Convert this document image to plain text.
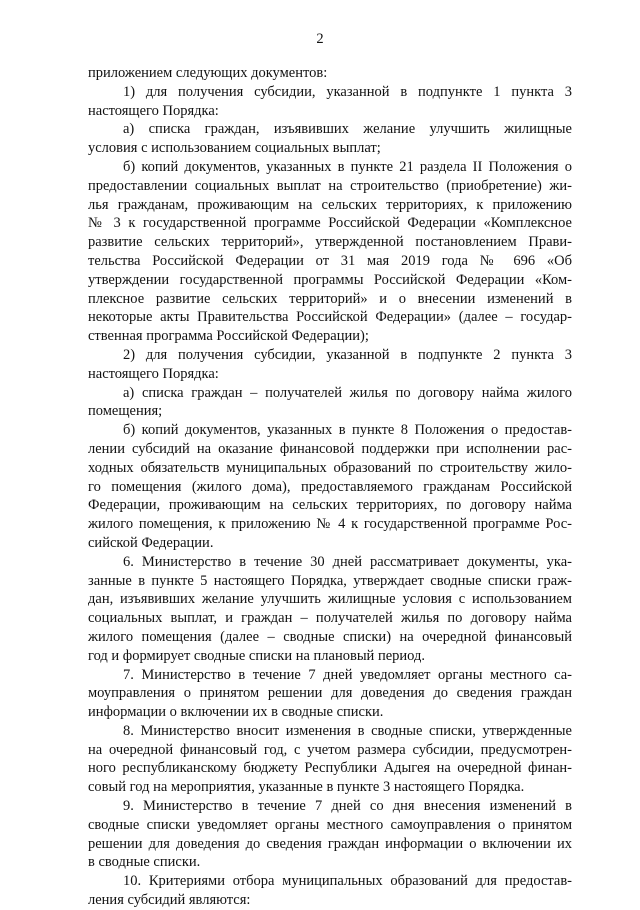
2
приложением следующих документов:
1) для получения субсидии, указанной в подпункте 1 пункта 3
настоящего Порядка:
а) списка граждан, изъявивших желание улучшить жилищные
условия с использованием социальных выплат;
б) копий документов, указанных в пункте 21 раздела II Положения о
предоставлении социальных выплат на строительство (приобретение) жи-
лья гражданам, проживающим на сельских территориях, к приложению
№ 3 к государственной программе Российской Федерации «Комплексное
развитие сельских территорий», утвержденной постановлением Прави-
тельства Российской Федерации от 31 мая 2019 года № 696 «Об
утверждении государственной программы Российской Федерации «Ком-
плексное развитие сельских территорий» и о внесении изменений в
некоторые акты Правительства Российской Федерации» (далее – государ-
ственная программа Российской Федерации);
2) для получения субсидии, указанной в подпункте 2 пункта 3
настоящего Порядка:
а) списка граждан – получателей жилья по договору найма жилого
помещения;
б) копий документов, указанных в пункте 8 Положения о предостав-
лении субсидий на оказание финансовой поддержки при исполнении рас-
ходных обязательств муниципальных образований по строительству жило-
го помещения (жилого дома), предоставляемого гражданам Российской
Федерации, проживающим на сельских территориях, по договору найма
жилого помещения, к приложению № 4 к государственной программе Рос-
сийской Федерации.
6. Министерство в течение 30 дней рассматривает документы, ука-
занные в пункте 5 настоящего Порядка, утверждает сводные списки граж-
дан, изъявивших желание улучшить жилищные условия с использованием
социальных выплат, и граждан – получателей жилья по договору найма
жилого помещения (далее – сводные списки) на очередной финансовый
год и формирует сводные списки на плановый период.
7. Министерство в течение 7 дней уведомляет органы местного са-
моуправления о принятом решении для доведения до сведения граждан
информации о включении их в сводные списки.
8. Министерство вносит изменения в сводные списки, утвержденные
на очередной финансовый год, с учетом размера субсидии, предусмотрен-
ного республиканскому бюджету Республики Адыгея на очередной финан-
совый год на мероприятия, указанные в пункте 3 настоящего Порядка.
9. Министерство в течение 7 дней со дня внесения изменений в
сводные списки уведомляет органы местного самоуправления о принятом
решении для доведения до сведения граждан информации о включении их
в сводные списки.
10. Критериями отбора муниципальных образований для предостав-
ления субсидий являются:
